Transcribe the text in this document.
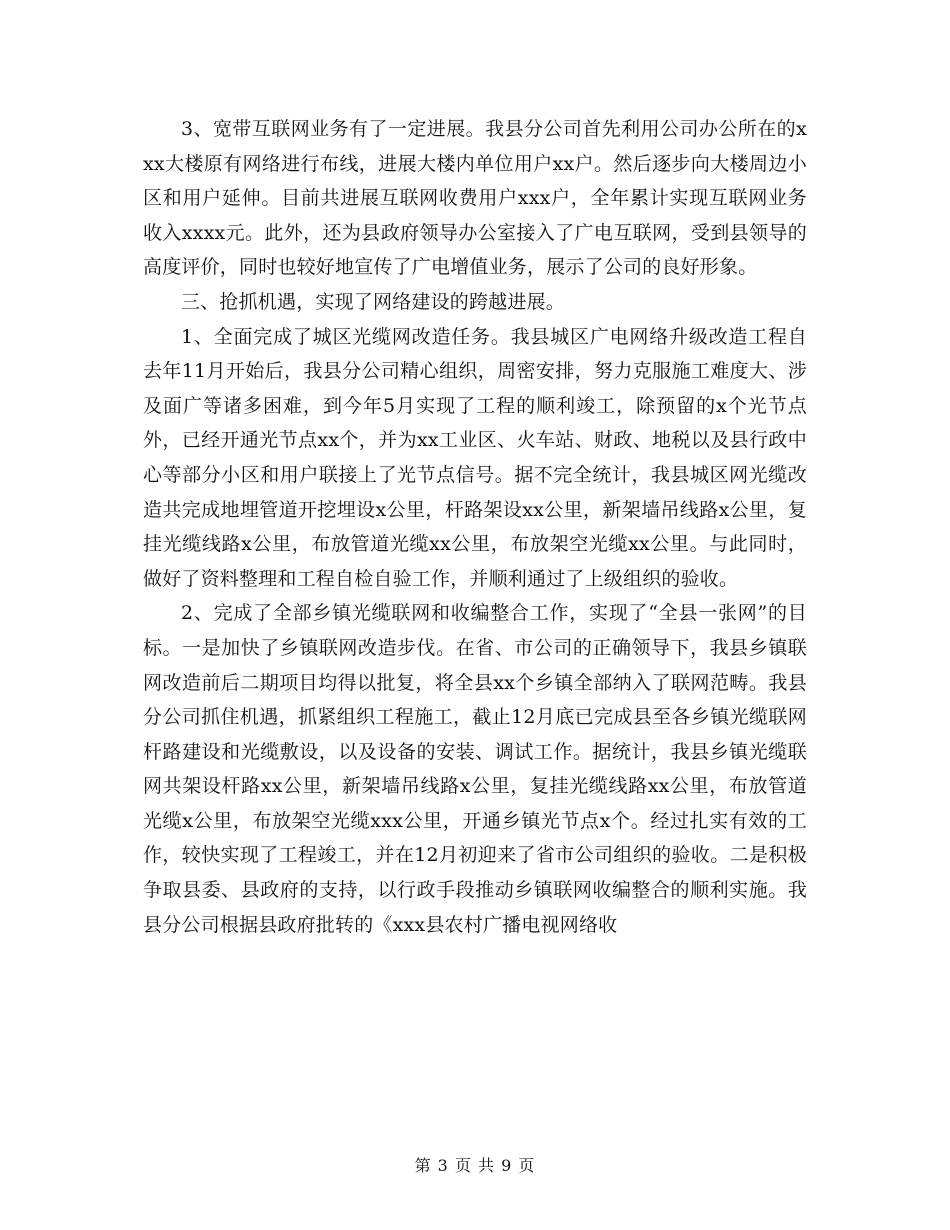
3、宽带互联网业务有了一定进展。我县分公司首先利用公司办公所在的xxx大楼原有网络进行布线，进展大楼内单位用户xx户。然后逐步向大楼周边小区和用户延伸。目前共进展互联网收费用户xxx户，全年累计实现互联网业务收入xxxx元。此外，还为县政府领导办公室接入了广电互联网，受到县领导的高度评价，同时也较好地宣传了广电增值业务，展示了公司的良好形象。

三、抢抓机遇，实现了网络建设的跨越进展。

1、全面完成了城区光缆网改造任务。我县城区广电网络升级改造工程自去年11月开始后，我县分公司精心组织，周密安排，努力克服施工难度大、涉及面广等诸多困难，到今年5月实现了工程的顺利竣工，除预留的x个光节点外，已经开通光节点xx个，并为xx工业区、火车站、财政、地税以及县行政中心等部分小区和用户联接上了光节点信号。据不完全统计，我县城区网光缆改造共完成地埋管道开挖埋设x公里，杆路架设xx公里，新架墙吊线路x公里，复挂光缆线路x公里，布放管道光缆xx公里，布放架空光缆xx公里。与此同时，做好了资料整理和工程自检自验工作，并顺利通过了上级组织的验收。

2、完成了全部乡镇光缆联网和收编整合工作，实现了“全县一张网”的目标。一是加快了乡镇联网改造步伐。在省、市公司的正确领导下，我县乡镇联网改造前后二期项目均得以批复，将全县xx个乡镇全部纳入了联网范畴。我县分公司抓住机遇，抓紧组织工程施工，截止12月底已完成县至各乡镇光缆联网杆路建设和光缆敷设，以及设备的安装、调试工作。据统计，我县乡镇光缆联网共架设杆路xx公里，新架墙吊线路x公里，复挂光缆线路xx公里，布放管道光缆x公里，布放架空光缆xxx公里，开通乡镇光节点x个。经过扎实有效的工作，较快实现了工程竣工，并在12月初迎来了省市公司组织的验收。二是积极争取县委、县政府的支持，以行政手段推动乡镇联网收编整合的顺利实施。我县分公司根据县政府批转的《xxx县农村广播电视网络收

第 3 页 共 9 页
